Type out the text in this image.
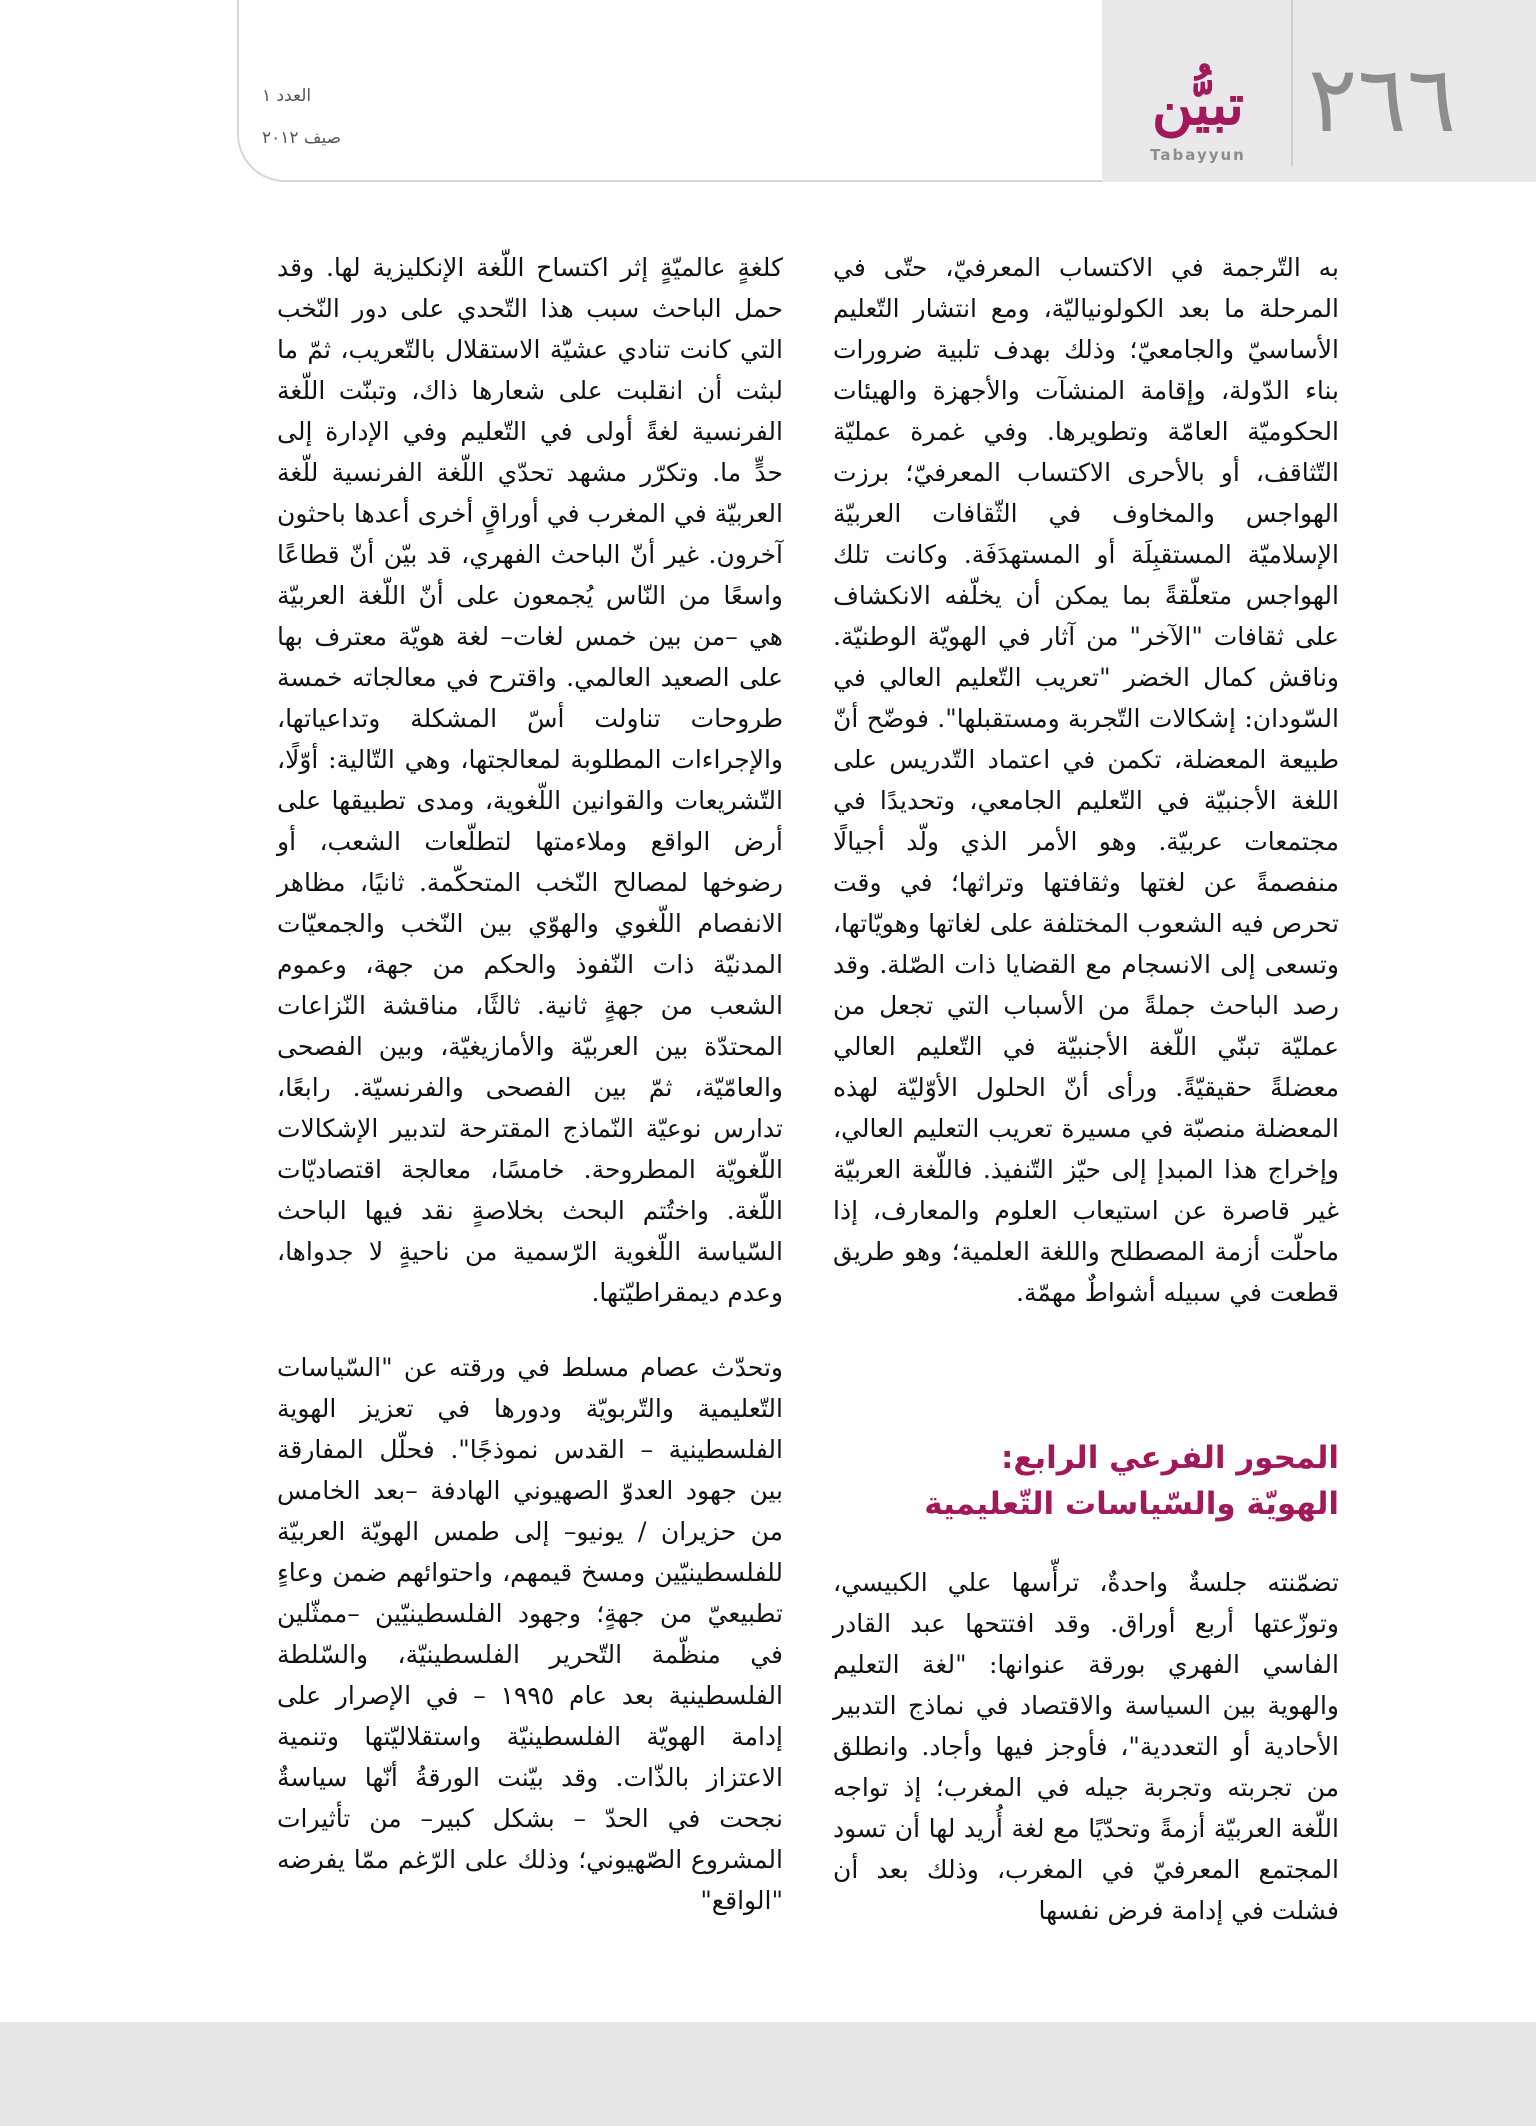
٢٦٦
تبيُّن
Tabayyun
العدد ١
صيف ٢٠١٢

به التّرجمة في الاكتساب المعرفيّ، حتّى في المرحلة ما بعد الكولونياليّة، ومع انتشار التّعليم الأساسيّ والجامعيّ؛ وذلك بهدف تلبية ضرورات بناء الدّولة، وإقامة المنشآت والأجهزة والهيئات الحكوميّة العامّة وتطويرها. وفي غمرة عمليّة التّثاقف، أو بالأحرى الاكتساب المعرفيّ؛ برزت الهواجس والمخاوف في الثّقافات العربيّة الإسلاميّة المستقبِلَة أو المستهدَفَة. وكانت تلك الهواجس متعلّقةً بما يمكن أن يخلّفه الانكشاف على ثقافات "الآخر" من آثار في الهويّة الوطنيّة. وناقش كمال الخضر "تعريب التّعليم العالي في السّودان: إشكالات التّجربة ومستقبلها". فوضّح أنّ طبيعة المعضلة، تكمن في اعتماد التّدريس على اللغة الأجنبيّة في التّعليم الجامعي، وتحديدًا في مجتمعات عربيّة. وهو الأمر الذي ولّد أجيالًا منفصمةً عن لغتها وثقافتها وتراثها؛ في وقت تحرص فيه الشعوب المختلفة على لغاتها وهويّاتها، وتسعى إلى الانسجام مع القضايا ذات الصّلة. وقد رصد الباحث جملةً من الأسباب التي تجعل من عمليّة تبنّي اللّغة الأجنبيّة في التّعليم العالي معضلةً حقيقيّةً. ورأى أنّ الحلول الأوّليّة لهذه المعضلة منصبّة في مسيرة تعريب التعليم العالي، وإخراج هذا المبدإ إلى حيّز التّنفيذ. فاللّغة العربيّة غير قاصرة عن استيعاب العلوم والمعارف، إذا ماحلّت أزمة المصطلح واللغة العلمية؛ وهو طريق قطعت في سبيله أشواطٌ مهمّة.

المحور الفرعي الرابع:
الهويّة والسّياسات التّعليمية

تضمّنته جلسةٌ واحدةٌ، ترأّسها علي الكبيسي، وتوزّعتها أربع أوراق. وقد افتتحها عبد القادر الفاسي الفهري بورقة عنوانها: "لغة التعليم والهوية بين السياسة والاقتصاد في نماذج التدبير الأحادية أو التعددية"، فأوجز فيها وأجاد. وانطلق من تجربته وتجربة جيله في المغرب؛ إذ تواجه اللّغة العربيّة أزمةً وتحدّيًا مع لغة أُريد لها أن تسود المجتمع المعرفيّ في المغرب، وذلك بعد أن فشلت في إدامة فرض نفسها

كلغةٍ عالميّةٍ إثر اكتساح اللّغة الإنكليزية لها. وقد حمل الباحث سبب هذا التّحدي على دور النّخب التي كانت تنادي عشيّة الاستقلال بالتّعريب، ثمّ ما لبثت أن انقلبت على شعارها ذاك، وتبنّت اللّغة الفرنسية لغةً أولى في التّعليم وفي الإدارة إلى حدٍّ ما. وتكرّر مشهد تحدّي اللّغة الفرنسية للّغة العربيّة في المغرب في أوراقٍ أخرى أعدها باحثون آخرون. غير أنّ الباحث الفهري، قد بيّن أنّ قطاعًا واسعًا من النّاس يُجمعون على أنّ اللّغة العربيّة هي –من بين خمس لغات– لغة هويّة معترف بها على الصعيد العالمي. واقترح في معالجاته خمسة طروحات تناولت أسّ المشكلة وتداعياتها، والإجراءات المطلوبة لمعالجتها، وهي التّالية: أوّلًا، التّشريعات والقوانين اللّغوية، ومدى تطبيقها على أرض الواقع وملاءمتها لتطلّعات الشعب، أو رضوخها لمصالح النّخب المتحكّمة. ثانيًا، مظاهر الانفصام اللّغوي والهوّي بين النّخب والجمعيّات المدنيّة ذات النّفوذ والحكم من جهة، وعموم الشعب من جهةٍ ثانية. ثالثًا، مناقشة النّزاعات المحتدّة بين العربيّة والأمازيغيّة، وبين الفصحى والعامّيّة، ثمّ بين الفصحى والفرنسيّة. رابعًا، تدارس نوعيّة النّماذج المقترحة لتدبير الإشكالات اللّغويّة المطروحة. خامسًا، معالجة اقتصاديّات اللّغة. واختُتم البحث بخلاصةٍ نقد فيها الباحث السّياسة اللّغوية الرّسمية من ناحيةٍ لا جدواها، وعدم ديمقراطيّتها.

وتحدّث عصام مسلط في ورقته عن "السّياسات التّعليمية والتّربويّة ودورها في تعزيز الهوية الفلسطينية – القدس نموذجًا". فحلّل المفارقة بين جهود العدوّ الصهيوني الهادفة –بعد الخامس من حزيران / يونيو– إلى طمس الهويّة العربيّة للفلسطينيّين ومسخ قيمهم، واحتوائهم ضمن وعاءٍ تطبيعيّ من جهةٍ؛ وجهود الفلسطينيّين –ممثّلين في منظّمة التّحرير الفلسطينيّة، والسّلطة الفلسطينية بعد عام ١٩٩٥ – في الإصرار على إدامة الهويّة الفلسطينيّة واستقلاليّتها وتنمية الاعتزاز بالذّات. وقد بيّنت الورقةُ أنّها سياسةٌ نجحت في الحدّ – بشكل كبير– من تأثيرات المشروع الصّهيوني؛ وذلك على الرّغم ممّا يفرضه "الواقع"
